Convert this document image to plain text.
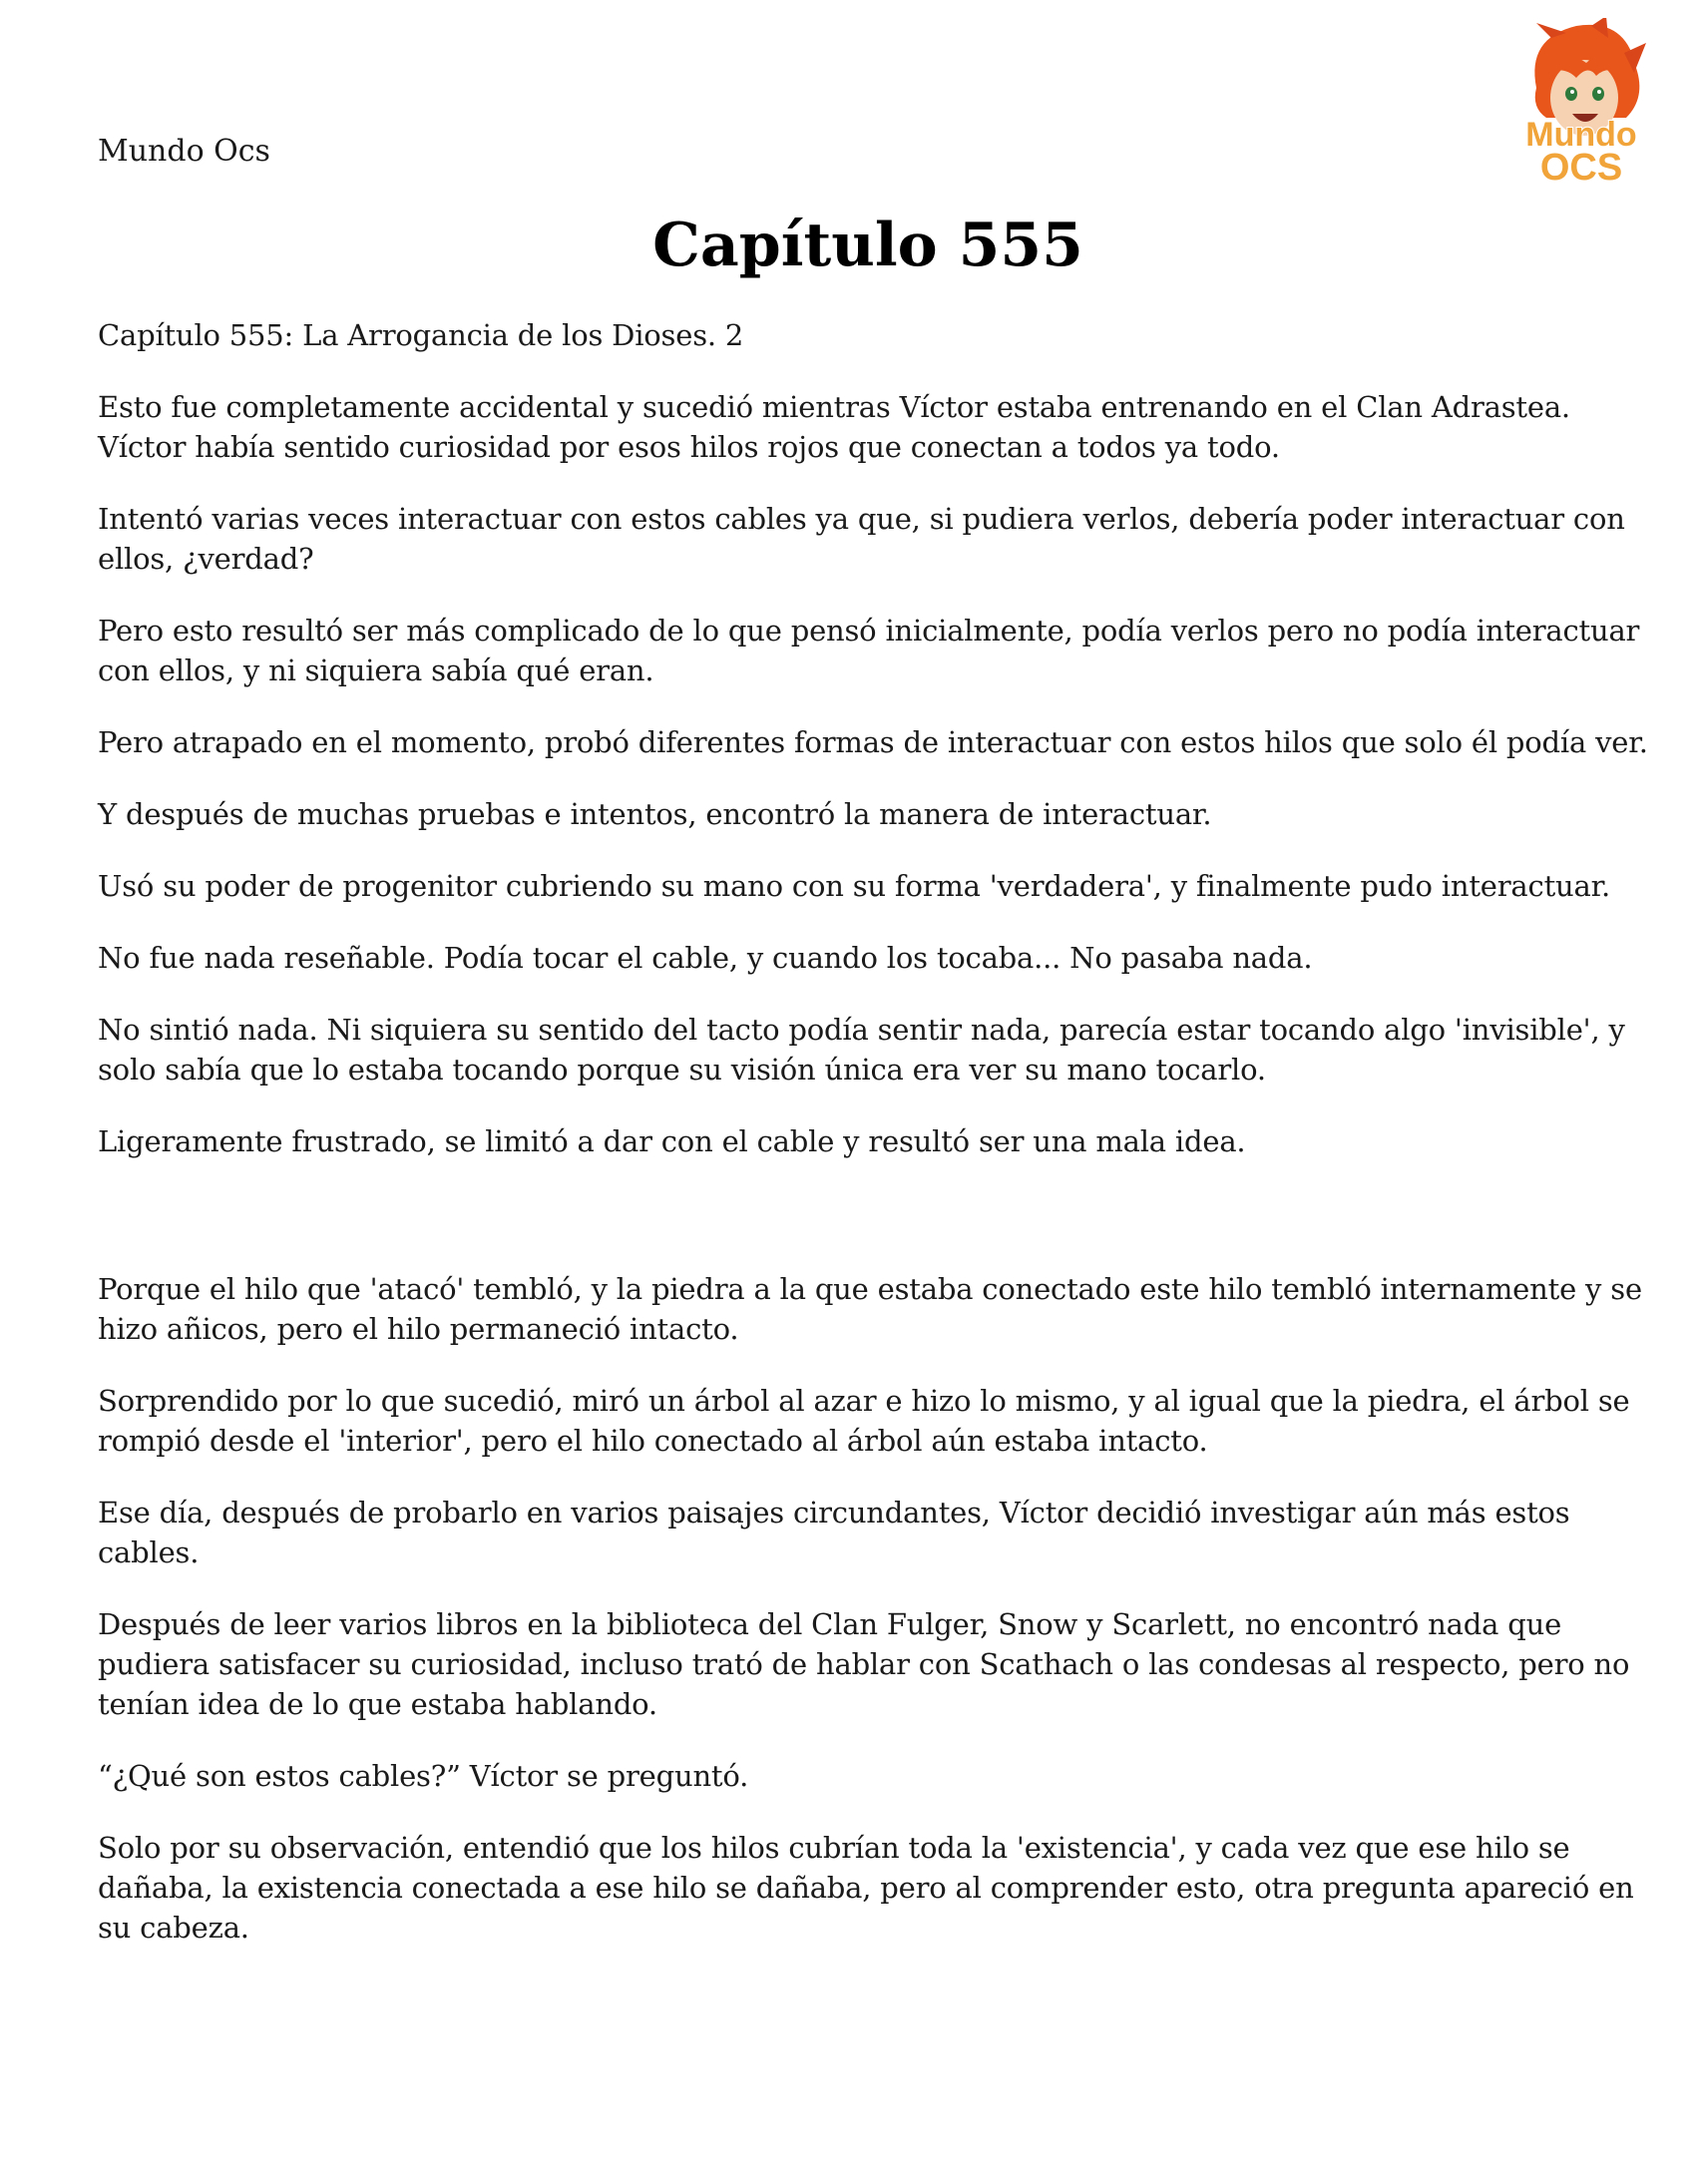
Mundo Ocs	Mundo
OCS
Capítulo 555

Capítulo 555: La Arrogancia de los Dioses. 2

Esto fue completamente accidental y sucedió mientras Víctor estaba entrenando en el Clan Adrastea. Víctor había sentido curiosidad por esos hilos rojos que conectan a todos ya todo.

Intentó varias veces interactuar con estos cables ya que, si pudiera verlos, debería poder interactuar con ellos, ¿verdad?

Pero esto resultó ser más complicado de lo que pensó inicialmente, podía verlos pero no podía interactuar con ellos, y ni siquiera sabía qué eran.

Pero atrapado en el momento, probó diferentes formas de interactuar con estos hilos que solo él podía ver.

Y después de muchas pruebas e intentos, encontró la manera de interactuar.

Usó su poder de progenitor cubriendo su mano con su forma 'verdadera', y finalmente pudo interactuar.

No fue nada reseñable. Podía tocar el cable, y cuando los tocaba... No pasaba nada.

No sintió nada. Ni siquiera su sentido del tacto podía sentir nada, parecía estar tocando algo 'invisible', y solo sabía que lo estaba tocando porque su visión única era ver su mano tocarlo.

Ligeramente frustrado, se limitó a dar con el cable y resultó ser una mala idea.

Porque el hilo que 'atacó' tembló, y la piedra a la que estaba conectado este hilo tembló internamente y se hizo añicos, pero el hilo permaneció intacto.

Sorprendido por lo que sucedió, miró un árbol al azar e hizo lo mismo, y al igual que la piedra, el árbol se rompió desde el 'interior', pero el hilo conectado al árbol aún estaba intacto.

Ese día, después de probarlo en varios paisajes circundantes, Víctor decidió investigar aún más estos cables.

Después de leer varios libros en la biblioteca del Clan Fulger, Snow y Scarlett, no encontró nada que pudiera satisfacer su curiosidad, incluso trató de hablar con Scathach o las condesas al respecto, pero no tenían idea de lo que estaba hablando.

“¿Qué son estos cables?” Víctor se preguntó.

Solo por su observación, entendió que los hilos cubrían toda la 'existencia', y cada vez que ese hilo se dañaba, la existencia conectada a ese hilo se dañaba, pero al comprender esto, otra pregunta apareció en su cabeza.
